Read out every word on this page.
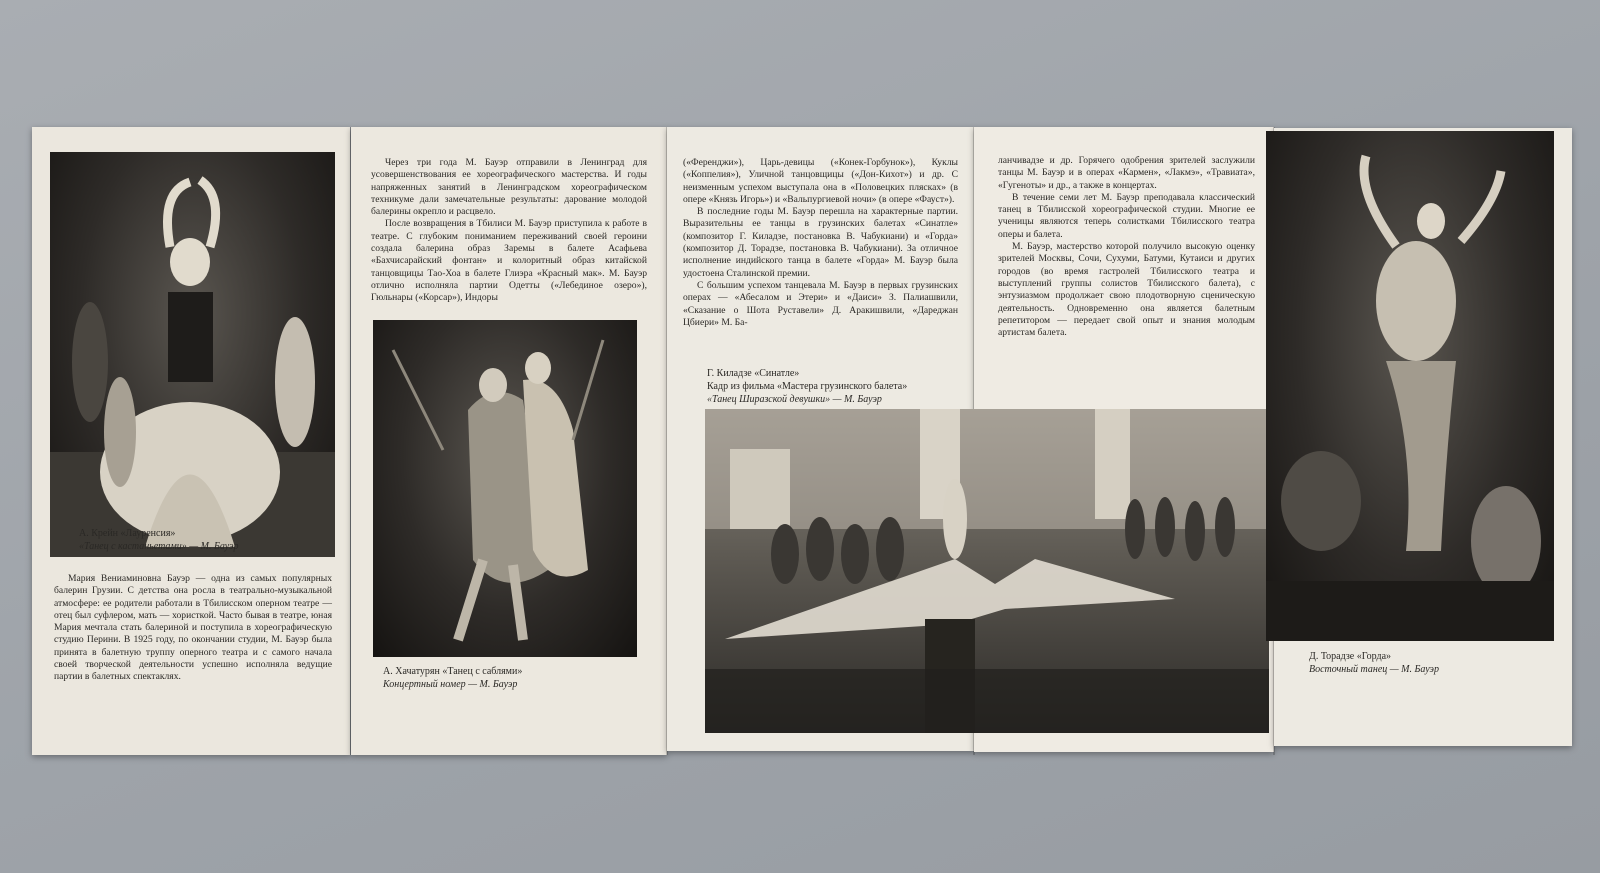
А. Крейн «Лауренсия»
«Танец с кастаньетами» — М. Бауэр
Мария Вениаминовна Бауэр — одна из самых популярных балерин Грузии. С детства она росла в театрально-музыкальной атмосфере: ее родители работали в Тбилисском оперном театре — отец был суфлером, мать — хористкой. Часто бывая в театре, юная Мария мечтала стать балериной и поступила в хореографическую студию Перини. В 1925 году, по окончании студии, М. Бауэр была принята в балетную труппу оперного театра и с самого начала своей творческой деятельности успешно исполняла ведущие партии в балетных спектаклях.

Через три года М. Бауэр отправили в Ленинград для усовершенствования ее хореографического мастерства. И годы напряженных занятий в Ленинградском хореографическом техникуме дали замечательные результаты: дарование молодой балерины окрепло и расцвело.

После возвращения в Тбилиси М. Бауэр приступила к работе в театре. С глубоким пониманием переживаний своей героини создала балерина образ Заремы в балете Асафьева «Бахчисарайский фонтан» и колоритный образ китайской танцовщицы Тао-Хоа в балете Глиэра «Красный мак». М. Бауэр отлично исполняла партии Одетты («Лебединое озеро»), Гюльнары («Корсар»), Индоры

А. Хачатурян «Танец с саблями»
Концертный номер — М. Бауэр

(«Ференджи»), Царь-девицы («Конек-Горбунок»), Куклы («Коппелия»), Уличной танцовщицы («Дон-Кихот») и др. С неизменным успехом выступала она в «Половецких плясках» (в опере «Князь Игорь») и «Вальпургиевой ночи» (в опере «Фауст»).

В последние годы М. Бауэр перешла на характерные партии. Выразительны ее танцы в грузинских балетах «Синатле» (композитор Г. Киладзе, постановка В. Чабукиани) и «Горда» (композитор Д. Торадзе, постановка В. Чабукиани). За отличное исполнение индийского танца в балете «Горда» М. Бауэр была удостоена Сталинской премии.

С большим успехом танцевала М. Бауэр в первых грузинских операх — «Абесалом и Этери» и «Даиси» З. Палиашвили, «Сказание о Шота Руставели» Д. Аракишвили, «Дареджан Цбиери» М. Ба-

Г. Киладзе «Синатле»
Кадр из фильма «Мастера грузинского балета»
«Танец Ширазской девушки» — М. Бауэр

ланчивадзе и др. Горячего одобрения зрителей заслужили танцы М. Бауэр и в операх «Кармен», «Лакмэ», «Травиата», «Гугеноты» и др., а также в концертах.

В течение семи лет М. Бауэр преподавала классический танец в Тбилисской хореографической студии. Многие ее ученицы являются теперь солистками Тбилисского театра оперы и балета.

М. Бауэр, мастерство которой получило высокую оценку зрителей Москвы, Сочи, Сухуми, Батуми, Кутаиси и других городов (во время гастролей Тбилисского театра и выступлений группы солистов Тбилисского балета), с энтузиазмом продолжает свою плодотворную сценическую деятельность. Одновременно она является балетным репетитором — передает свой опыт и знания молодым артистам балета.

Д. Торадзе «Горда»
Восточный танец — М. Бауэр
